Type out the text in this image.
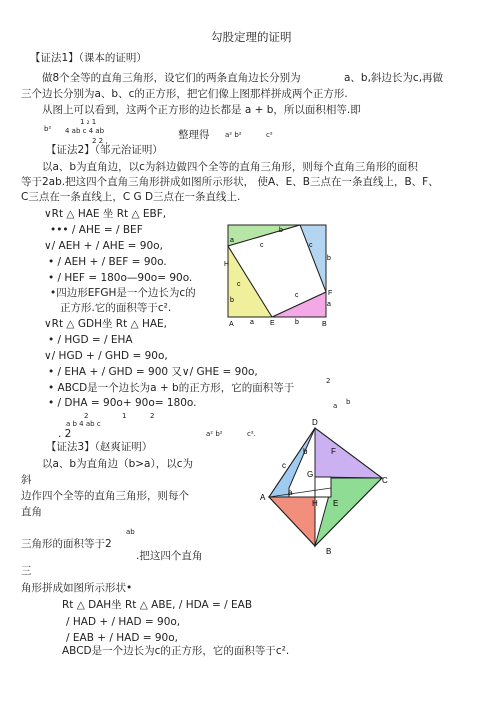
勾股定理的证明
【证法1】（课本的证明）
做8个全等的直角三角形，设它们的两条直角边长分别为	a、b,斜边长为c,再做
三个边长分别为a、b、c的正方形，把它们像上图那样拼成两个正方形.
从图上可以看到，这两个正方形的边长都是 a + b，所以面积相等.即
b²
1 ₂ 1
4 ab c 4 ab
2 2 ,	整理得 a² b²	c²
【证法2】（邹元治证明）
以a、b为直角边，以c为斜边做四个全等的直角三角形，则每个直角三角形的面积
等于2ab.把这四个直角三角形拼成如图所示形状， 使A、E、B三点在一条直线上，B、F、
C三点在一条直线上，C G D三点在一条直线上.
∨Rt △ HAE 坐 Rt △ EBF,
••• / AHE = / BEF
∨/ AEH + / AHE = 90o,
• / AEH + / BEF = 90o.
• / HEF = 180o—90o= 90o.
•四边形EFGH是一个边长为c的
正方形.它的面积等于c².
∨Rt △ GDH坐 Rt △ HAE,
• / HGD = / EHA
∨/ HGD + / GHD = 90o,
• / EHA + / GHD = 900 又∨/ GHE = 90o,
• ABCD是一个边长为a + b的正方形，它的面积等于
2
• / DHA = 90o+ 90o= 180o.	a b
2	1	2
a b 4 ab c
. 2	a² b²	c².
【证法3】（赵爽证明）
以a、b为直角边（b>a），以c为
斜
边作四个全等的直角三角形，则每个
直角
ab
三角形的面积等于2
.把这四个直角
三
角形拼成如图所示形状•
Rt △ DAH坐 Rt △ ABE, / HDA = / EAB
/ HAD + / HAD = 90o,
/ EAB + / HAD = 90o,
ABCD是一个边长为c的正方形，它的面积等于c².
a
c
b
c
b
F
c
a
H
c
b
A a E	b	B
D
c
b	F
G
C
A
a
H E
B
